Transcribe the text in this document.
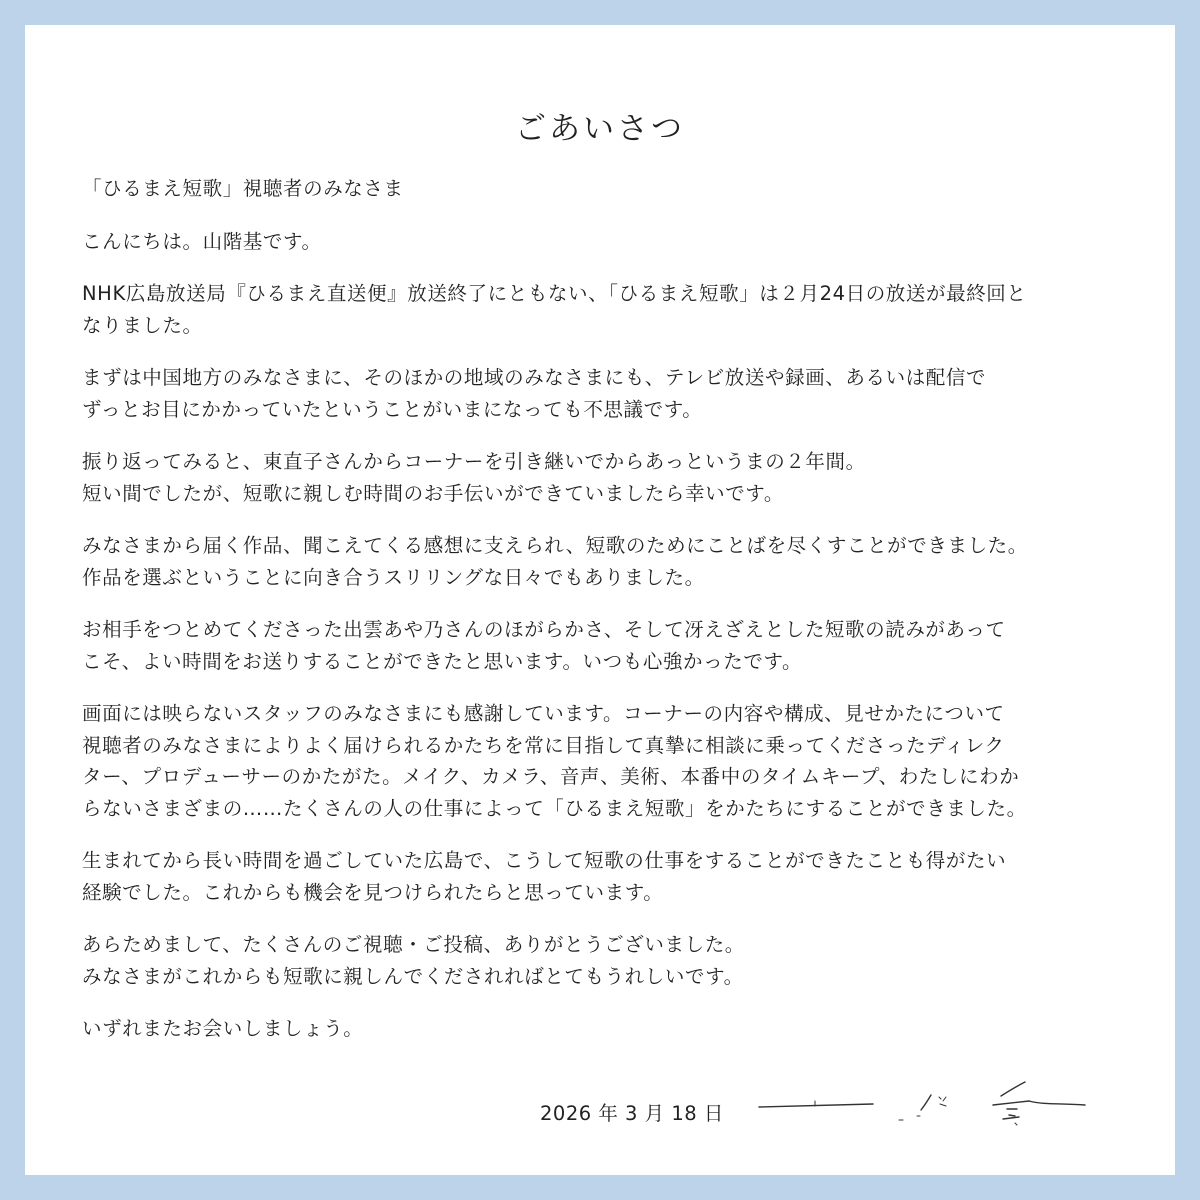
ごあいさつ

「ひるまえ短歌」視聴者のみなさま

こんにちは。山階基です。

NHK広島放送局『ひるまえ直送便』放送終了にともない、「ひるまえ短歌」は２月24日の放送が最終回と
なりました。

まずは中国地方のみなさまに、そのほかの地域のみなさまにも、テレビ放送や録画、あるいは配信で
ずっとお目にかかっていたということがいまになっても不思議です。

振り返ってみると、東直子さんからコーナーを引き継いでからあっというまの２年間。
短い間でしたが、短歌に親しむ時間のお手伝いができていましたら幸いです。

みなさまから届く作品、聞こえてくる感想に支えられ、短歌のためにことばを尽くすことができました。
作品を選ぶということに向き合うスリリングな日々でもありました。

お相手をつとめてくださった出雲あや乃さんのほがらかさ、そして冴えざえとした短歌の読みがあって
こそ、よい時間をお送りすることができたと思います。いつも心強かったです。

画面には映らないスタッフのみなさまにも感謝しています。コーナーの内容や構成、見せかたについて
視聴者のみなさまによりよく届けられるかたちを常に目指して真摯に相談に乗ってくださったディレク
ター、プロデューサーのかたがた。メイク、カメラ、音声、美術、本番中のタイムキープ、わたしにわか
らないさまざまの……たくさんの人の仕事によって「ひるまえ短歌」をかたちにすることができました。

生まれてから長い時間を過ごしていた広島で、こうして短歌の仕事をすることができたことも得がたい
経験でした。これからも機会を見つけられたらと思っています。

あらためまして、たくさんのご視聴・ご投稿、ありがとうございました。
みなさまがこれからも短歌に親しんでくだされればとてもうれしいです。

いずれまたお会いしましょう。

2026 年 3 月 18 日
